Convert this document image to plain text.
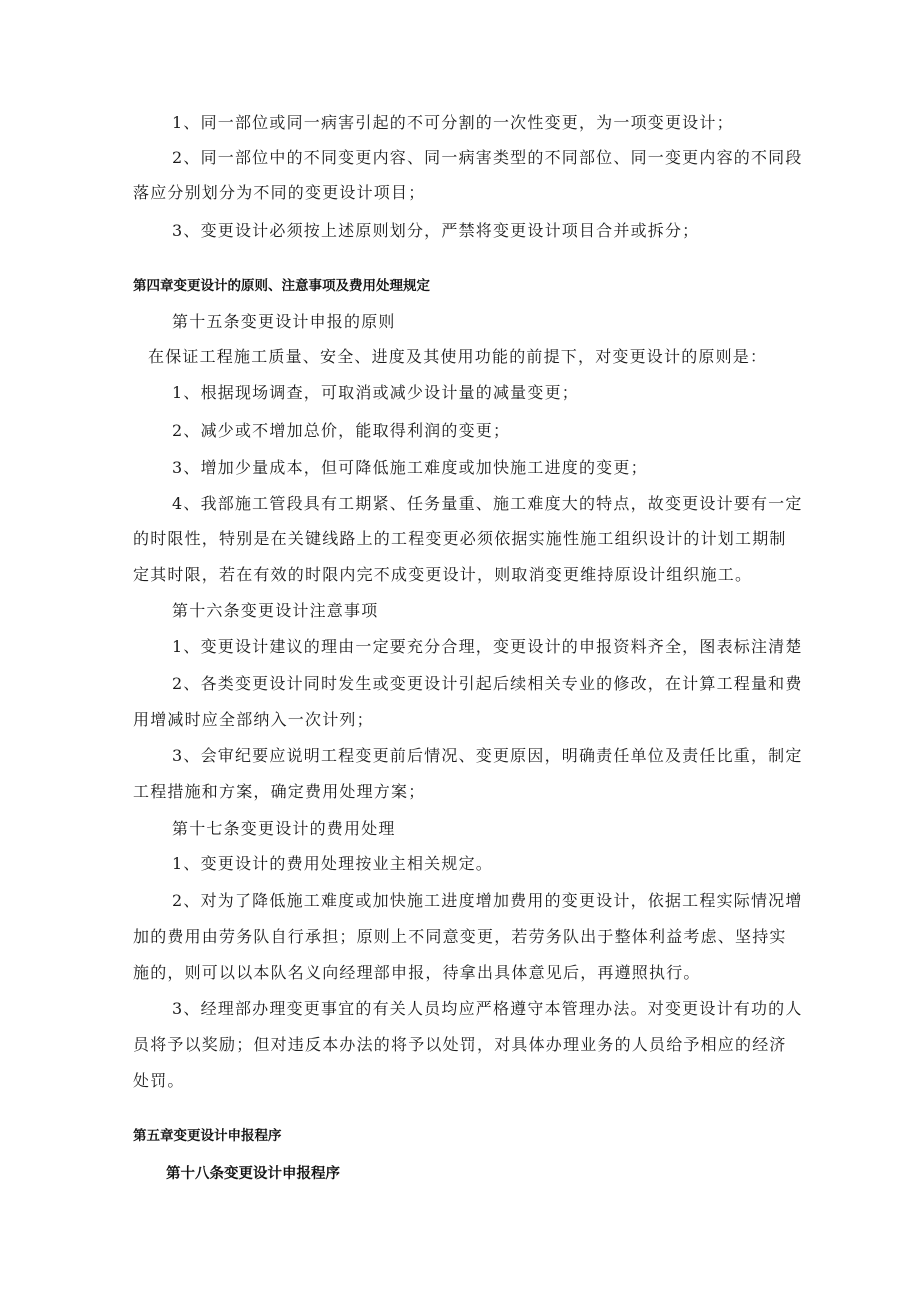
1、同一部位或同一病害引起的不可分割的一次性变更，为一项变更设计；

2、同一部位中的不同变更内容、同一病害类型的不同部位、同一变更内容的不同段

落应分别划分为不同的变更设计项目；

3、变更设计必须按上述原则划分，严禁将变更设计项目合并或拆分；

第四章变更设计的原则、注意事项及费用处理规定

第十五条变更设计申报的原则

在保证工程施工质量、安全、进度及其使用功能的前提下，对变更设计的原则是：

1、根据现场调查，可取消或减少设计量的减量变更；

2、减少或不增加总价，能取得利润的变更；

3、增加少量成本，但可降低施工难度或加快施工进度的变更；

4、我部施工管段具有工期紧、任务量重、施工难度大的特点，故变更设计要有一定

的时限性，特别是在关键线路上的工程变更必须依据实施性施工组织设计的计划工期制

定其时限，若在有效的时限内完不成变更设计，则取消变更维持原设计组织施工。

第十六条变更设计注意事项

1、变更设计建议的理由一定要充分合理，变更设计的申报资料齐全，图表标注清楚

2、各类变更设计同时发生或变更设计引起后续相关专业的修改，在计算工程量和费

用增减时应全部纳入一次计列；

3、会审纪要应说明工程变更前后情况、变更原因，明确责任单位及责任比重，制定

工程措施和方案，确定费用处理方案；

第十七条变更设计的费用处理

1、变更设计的费用处理按业主相关规定。

2、对为了降低施工难度或加快施工进度增加费用的变更设计，依据工程实际情况增

加的费用由劳务队自行承担；原则上不同意变更，若劳务队出于整体利益考虑、坚持实

施的，则可以以本队名义向经理部申报，待拿出具体意见后，再遵照执行。

3、经理部办理变更事宜的有关人员均应严格遵守本管理办法。对变更设计有功的人

员将予以奖励；但对违反本办法的将予以处罚，对具体办理业务的人员给予相应的经济

处罚。

第五章变更设计申报程序

第十八条变更设计申报程序
